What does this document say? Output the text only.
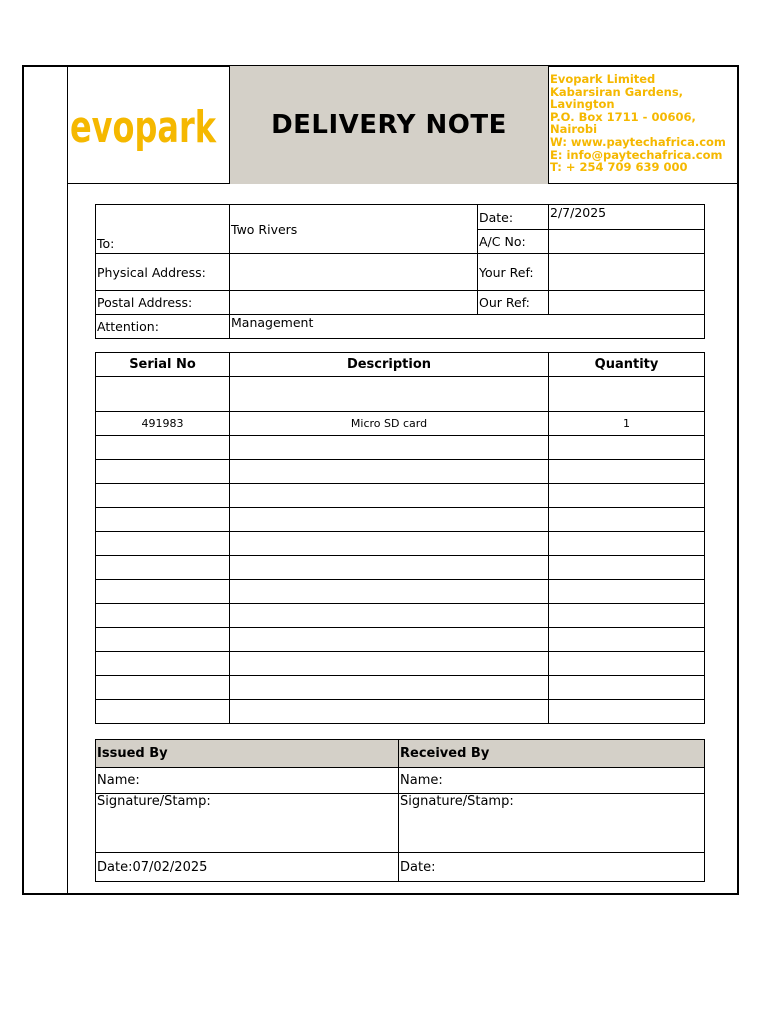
evopark	DELIVERY NOTE
Evopark Limited
Kabarsiran Gardens,
Lavington
P.O. Box 1711 - 00606,
Nairobi
W: www.paytechafrica.com
E: info@paytechafrica.com
T: + 254 709 639 000
To:	Two Rivers	Date:	2/7/2025
		A/C No:	
Physical Address:		Your Ref:	
Postal Address:		Our Ref:	
Attention:	Management		
Serial No	Description	Quantity

491983	Micro SD card	1

Issued By	Received By
Name:	Name:
Signature/Stamp:	Signature/Stamp:
Date:07/02/2025	Date:
